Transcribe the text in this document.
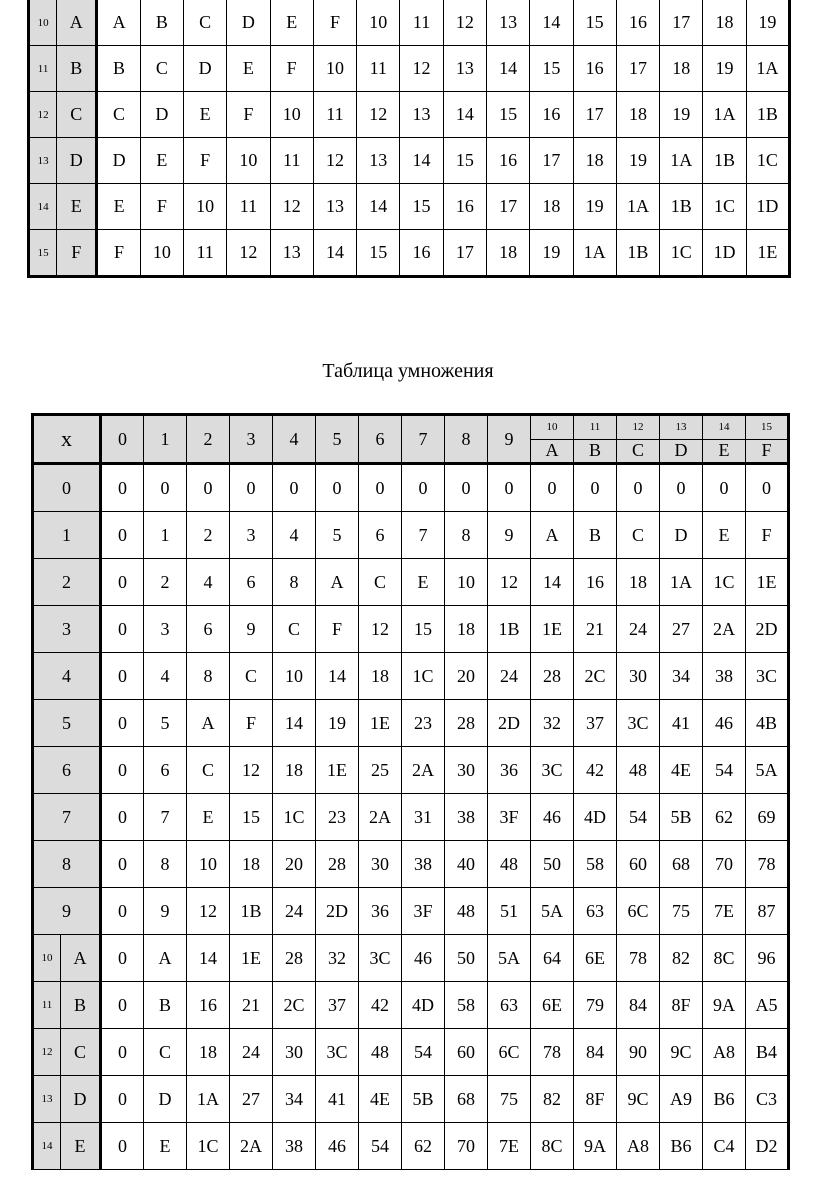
10	A	A	B	C	D	E	F	10	11	12	13	14	15	16	17	18	19
11	B	B	C	D	E	F	10	11	12	13	14	15	16	17	18	19	1A
12	C	C	D	E	F	10	11	12	13	14	15	16	17	18	19	1A	1B
13	D	D	E	F	10	11	12	13	14	15	16	17	18	19	1A	1B	1C
14	E	E	F	10	11	12	13	14	15	16	17	18	19	1A	1B	1C	1D
15	F	F	10	11	12	13	14	15	16	17	18	19	1A	1B	1C	1D	1E
Таблица умножения
x		0	1	2	3	4	5	6	7	8	9	10	11	12	13	14	15
												A	B	C	D	E	F
0		0	0	0	0	0	0	0	0	0	0	0	0	0	0	0	0
1		0	1	2	3	4	5	6	7	8	9	A	B	C	D	E	F
2		0	2	4	6	8	A	C	E	10	12	14	16	18	1A	1C	1E
3		0	3	6	9	C	F	12	15	18	1B	1E	21	24	27	2A	2D
4		0	4	8	C	10	14	18	1C	20	24	28	2C	30	34	38	3C
5		0	5	A	F	14	19	1E	23	28	2D	32	37	3C	41	46	4B
6		0	6	C	12	18	1E	25	2A	30	36	3C	42	48	4E	54	5A
7		0	7	E	15	1C	23	2A	31	38	3F	46	4D	54	5B	62	69
8		0	8	10	18	20	28	30	38	40	48	50	58	60	68	70	78
9		0	9	12	1B	24	2D	36	3F	48	51	5A	63	6C	75	7E	87
10	A	0	A	14	1E	28	32	3C	46	50	5A	64	6E	78	82	8C	96
11	B	0	B	16	21	2C	37	42	4D	58	63	6E	79	84	8F	9A	A5
12	C	0	C	18	24	30	3C	48	54	60	6C	78	84	90	9C	A8	B4
13	D	0	D	1A	27	34	41	4E	5B	68	75	82	8F	9C	A9	B6	C3
14	E	0	E	1C	2A	38	46	54	62	70	7E	8C	9A	A8	B6	C4	D2
